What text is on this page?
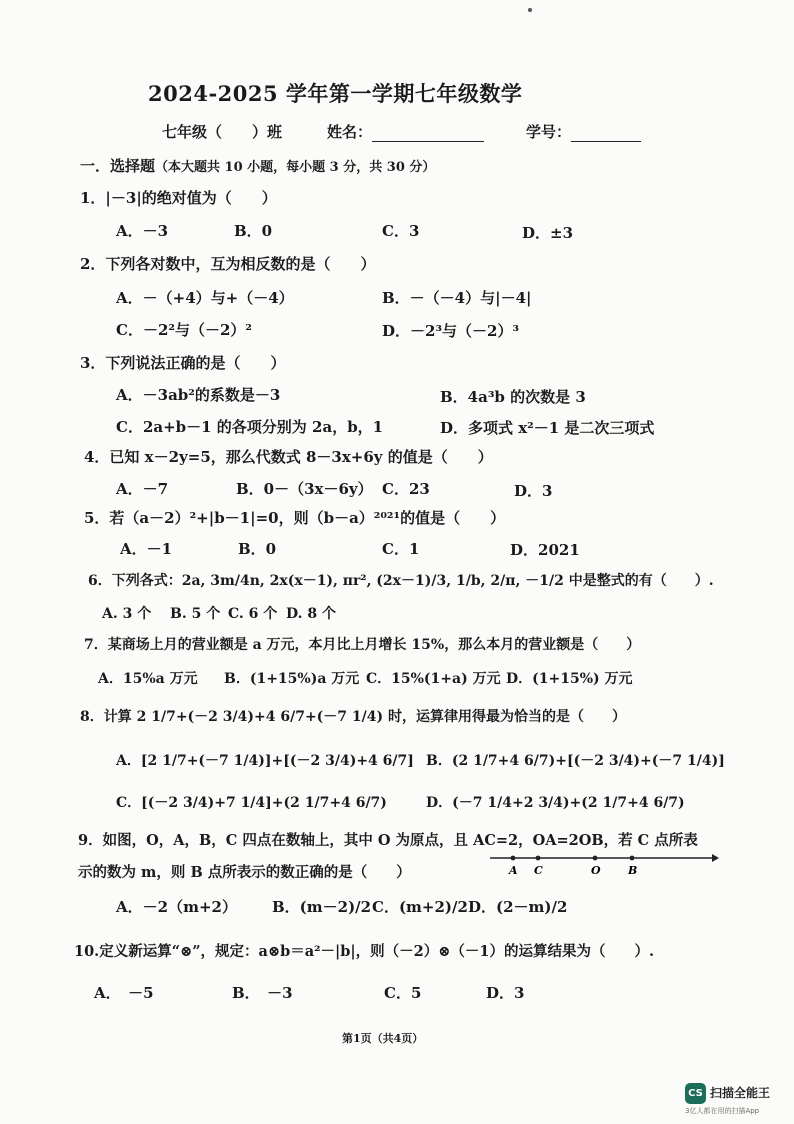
2024-2025 学年第一学期七年级数学
七年级（　　）班	姓名：	学号：
一．选择题（本大题共 10 小题，每小题 3 分，共 30 分）
1．|－3|的绝对值为（　　）
A．－3	B．0	C．3	D．±3
2．下列各对数中，互为相反数的是（　　）
A．－（+4）与+（－4）	B．－（－4）与|－4|
C．－2²与（－2）²	D．－2³与（－2）³
3．下列说法正确的是（　　）
A．－3ab²的系数是－3	B．4a³b 的次数是 3
C．2a+b－1 的各项分别为 2a，b，1	D．多项式 x²－1 是二次三项式
4．已知 x－2y=5，那么代数式 8－3x+6y 的值是（　　）
A．－7	B．0－（3x－6y） C．23	D．3
5．若（a－2）²+|b－1|=0，则（b－a）²⁰²¹的值是（　　）
A．－1	B．0	C．1	D．2021
6．下列各式：2a, 3m/4n, 2x(x－1), πr², (2x－1)/3, 1/b, 2/π, －1/2 中是整式的有（　　）.
A. 3 个 B. 5 个 C. 6 个 D. 8 个
7．某商场上月的营业额是 a 万元，本月比上月增长 15%，那么本月的营业额是（　　）
A．15%a 万元 B．(1+15%)a 万元 C．15%(1+a) 万元 D．(1+15%) 万元
8．计算 2 1/7+(－2 3/4)+4 6/7+(－7 1/4) 时，运算律用得最为恰当的是（　　）
A．[2 1/7+(－7 1/4)]+[(－2 3/4)+4 6/7] B．(2 1/7+4 6/7)+[(－2 3/4)+(－7 1/4)]
C．[(－2 3/4)+7 1/4]+(2 1/7+4 6/7)	D．(－7 1/4+2 3/4)+(2 1/7+4 6/7)
9．如图，O，A，B，C 四点在数轴上，其中 O 为原点，且 AC=2，OA=2OB，若 C 点所表
示的数为 m，则 B 点所表示的数正确的是（　　）	A C	O B
A．－2（m+2） B．(m－2)/2 C．(m+2)/2 D．(2－m)/2
10.定义新运算“⊗”，规定：a⊗b＝a²－|b|，则（－2）⊗（－1）的运算结果为（　　）.
A．　－5	B．　－3	C．5	D．3
第1页（共4页）
CS 扫描全能王
3亿人都在用的扫描App
